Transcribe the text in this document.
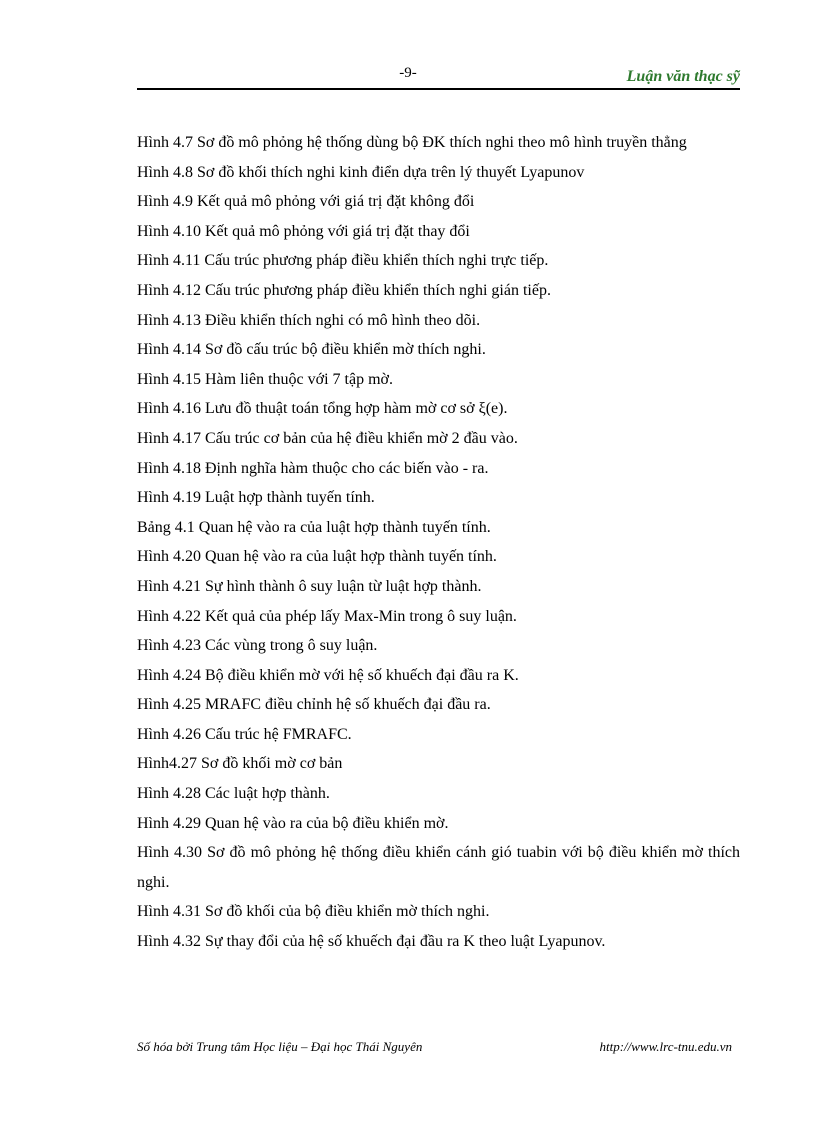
-9-	Luận văn thạc sỹ
Hình 4.7 Sơ đồ mô phỏng hệ thống dùng bộ ĐK thích nghi theo mô hình truyền thẳng
Hình 4.8 Sơ đồ khối thích nghi kinh điển dựa trên lý thuyết Lyapunov
Hình 4.9 Kết quả mô phỏng với giá trị đặt không đổi
Hình 4.10 Kết quả mô phỏng với giá trị đặt thay đổi
Hình 4.11 Cấu trúc phương pháp điều khiển thích nghi trực tiếp.
Hình 4.12 Cấu trúc phương pháp điều khiển thích nghi gián tiếp.
Hình 4.13 Điều khiển thích nghi có mô hình theo dõi.
Hình 4.14 Sơ đồ cấu trúc bộ điều khiển mờ thích nghi.
Hình 4.15 Hàm liên thuộc với 7 tập mờ.
Hình 4.16 Lưu đồ thuật toán tổng hợp hàm mờ cơ sở ξ(e).
Hình 4.17 Cấu trúc cơ bản của hệ điều khiển mờ 2 đầu vào.
Hình 4.18 Định nghĩa hàm thuộc cho các biến vào - ra.
Hình 4.19 Luật hợp thành tuyến tính.
Bảng 4.1 Quan hệ vào ra của luật hợp thành tuyến tính.
Hình 4.20 Quan hệ vào ra của luật hợp thành tuyến tính.
Hình 4.21 Sự hình thành ô suy luận từ luật hợp thành.
Hình 4.22 Kết quả của phép lấy Max-Min trong ô suy luận.
Hình 4.23 Các vùng trong ô suy luận.
Hình 4.24 Bộ điều khiển mờ với hệ số khuếch đại đầu ra K.
Hình 4.25 MRAFC điều chỉnh hệ số khuếch đại đầu ra.
Hình 4.26 Cấu trúc hệ FMRAFC.
Hình4.27 Sơ đồ khối mờ cơ bản
Hình 4.28 Các luật hợp thành.
Hình 4.29 Quan hệ vào ra của bộ điều khiển mờ.
Hình 4.30 Sơ đồ mô phỏng hệ thống điều khiển cánh gió tuabin với bộ điều khiển mờ thích nghi.
Hình 4.31 Sơ đồ khối của bộ điều khiển mờ thích nghi.
Hình 4.32 Sự thay đổi của hệ số khuếch đại đầu ra K theo luật Lyapunov.
Số hóa bởi Trung tâm Học liệu – Đại học Thái Nguyên	http://www.lrc-tnu.edu.vn
